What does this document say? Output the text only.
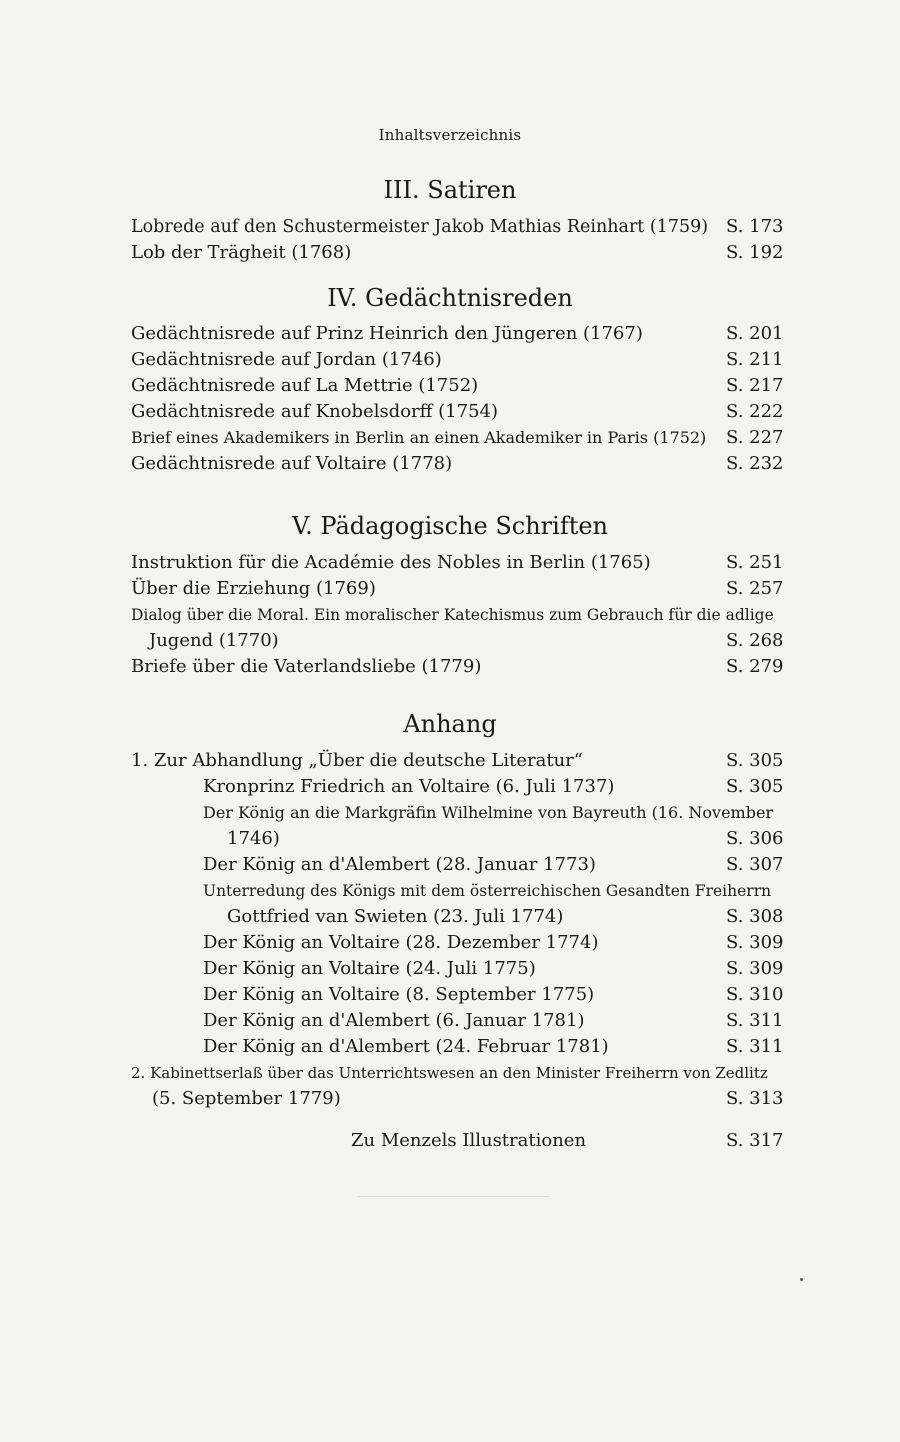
Inhaltsverzeichnis
III. Satiren
Lobrede auf den Schustermeister Jakob Mathias Reinhart (1759) S. 173
Lob der Trägheit (1768)	S. 192
IV. Gedächtnisreden
Gedächtnisrede auf Prinz Heinrich den Jüngeren (1767)	S. 201
Gedächtnisrede auf Jordan (1746)	S. 211
Gedächtnisrede auf La Mettrie (1752)	S. 217
Gedächtnisrede auf Knobelsdorff (1754)	S. 222
Brief eines Akademikers in Berlin an einen Akademiker in Paris (1752) S. 227
Gedächtnisrede auf Voltaire (1778)	S. 232
V. Pädagogische Schriften
Instruktion für die Académie des Nobles in Berlin (1765)	S. 251
Über die Erziehung (1769)	S. 257
Dialog über die Moral. Ein moralischer Katechismus zum Gebrauch für die adlige
Jugend (1770)	S. 268
Briefe über die Vaterlandsliebe (1779)	S. 279
Anhang
1. Zur Abhandlung „Über die deutsche Literatur“	S. 305
Kronprinz Friedrich an Voltaire (6. Juli 1737)	S. 305
Der König an die Markgräfin Wilhelmine von Bayreuth (16. November
1746)	S. 306
Der König an d'Alembert (28. Januar 1773)	S. 307
Unterredung des Königs mit dem österreichischen Gesandten Freiherrn
Gottfried van Swieten (23. Juli 1774)	S. 308
Der König an Voltaire (28. Dezember 1774)	S. 309
Der König an Voltaire (24. Juli 1775)	S. 309
Der König an Voltaire (8. September 1775)	S. 310
Der König an d'Alembert (6. Januar 1781)	S. 311
Der König an d'Alembert (24. Februar 1781)	S. 311
2. Kabinettserlaß über das Unterrichtswesen an den Minister Freiherrn von Zedlitz
(5. September 1779)	S. 313
Zu Menzels Illustrationen	S. 317
